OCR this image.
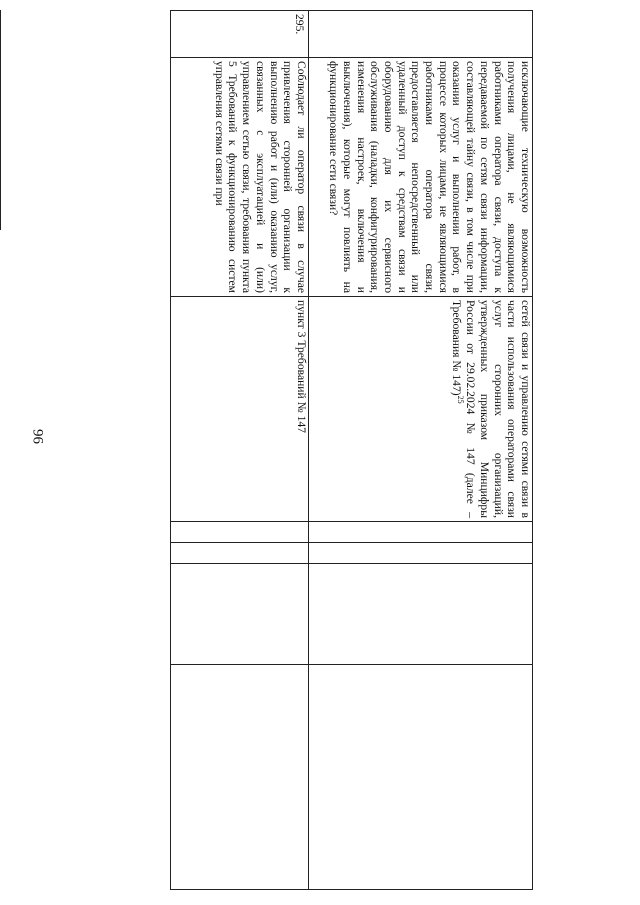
96
	исключающие техническую возможность получения лицами, не являющимися работниками оператора связи, доступа к передаваемой по сетям связи информации, составляющей тайну связи, в том числе при оказании услуг и выполнении работ, в процессе которых лицами, не являющимися работниками оператора связи, предоставляется непосредственный или удаленный доступ к средствам связи и оборудованию для их сервисного обслуживания (наладки, конфигурирования, изменения настроек, включения и выключения), которые могут повлиять на функционирование сети связи?	сетей связи и управлению сетями связи в части использования операторами связи услуг сторонних организаций, утвержденных приказом Минцифры России от 29.02.2024 № 147 (далее – Требования № 147)$^{25}$				
295.	Соблюдает ли оператор связи в случае привлечения сторонней организации к выполнению работ и (или) оказанию услуг, связанных с эксплуатацией и (или) управлением сетью связи, требования пункта 5 Требований к функционированию систем управления сетями связи при	пункт 3 Требований № 147				
